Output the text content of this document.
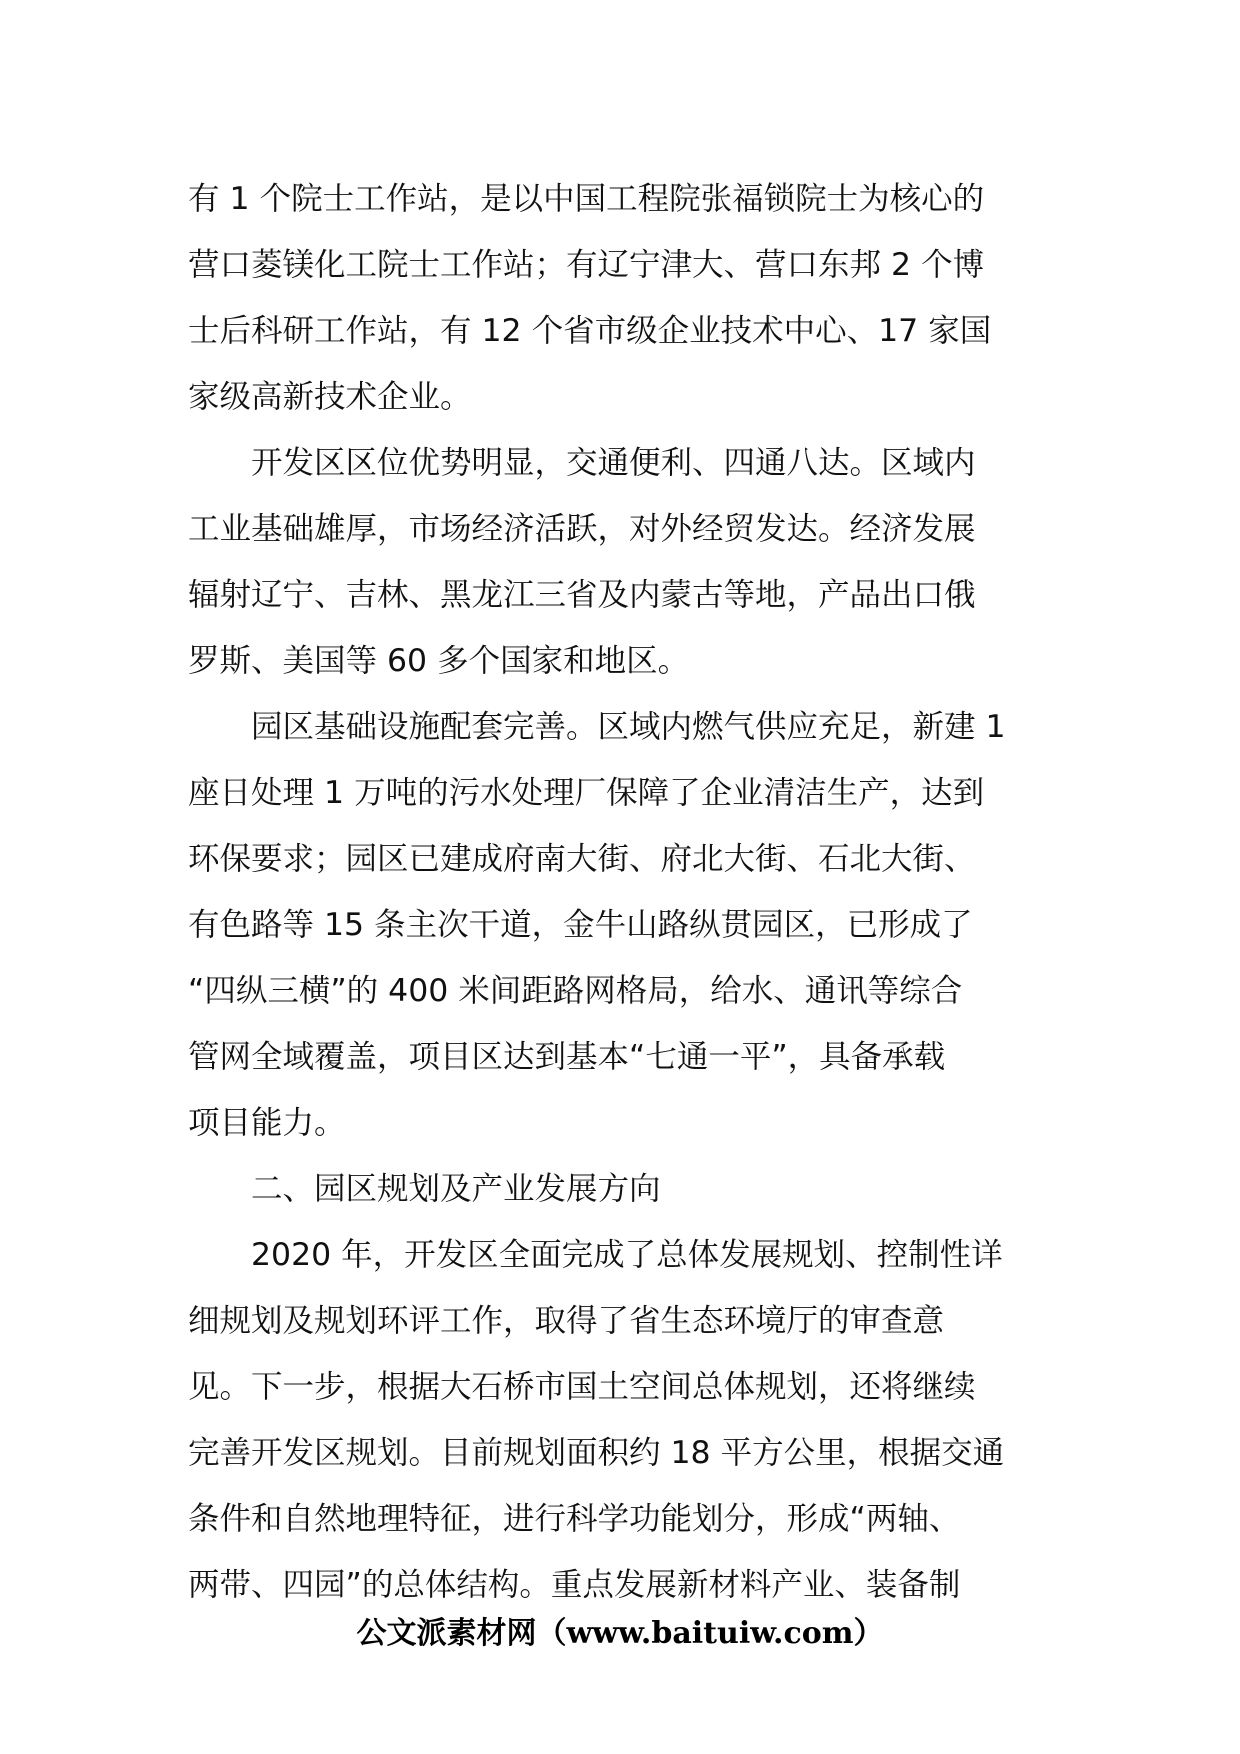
有 1 个院士工作站，是以中国工程院张福锁院士为核心的
营口菱镁化工院士工作站；有辽宁津大、营口东邦 2 个博
士后科研工作站，有 12 个省市级企业技术中心、17 家国
家级高新技术企业。
　　开发区区位优势明显，交通便利、四通八达。区域内
工业基础雄厚，市场经济活跃，对外经贸发达。经济发展
辐射辽宁、吉林、黑龙江三省及内蒙古等地，产品出口俄
罗斯、美国等 60 多个国家和地区。
　　园区基础设施配套完善。区域内燃气供应充足，新建 1
座日处理 1 万吨的污水处理厂保障了企业清洁生产，达到
环保要求；园区已建成府南大街、府北大街、石北大街、
有色路等 15 条主次干道，金牛山路纵贯园区，已形成了
“四纵三横”的 400 米间距路网格局，给水、通讯等综合
管网全域覆盖，项目区达到基本“七通一平”，具备承载
项目能力。
　　二、园区规划及产业发展方向
　　2020 年，开发区全面完成了总体发展规划、控制性详
细规划及规划环评工作，取得了省生态环境厅的审查意
见。下一步，根据大石桥市国土空间总体规划，还将继续
完善开发区规划。目前规划面积约 18 平方公里，根据交通
条件和自然地理特征，进行科学功能划分，形成“两轴、
两带、四园”的总体结构。重点发展新材料产业、装备制
公文派素材网（www.baituiw.com）
